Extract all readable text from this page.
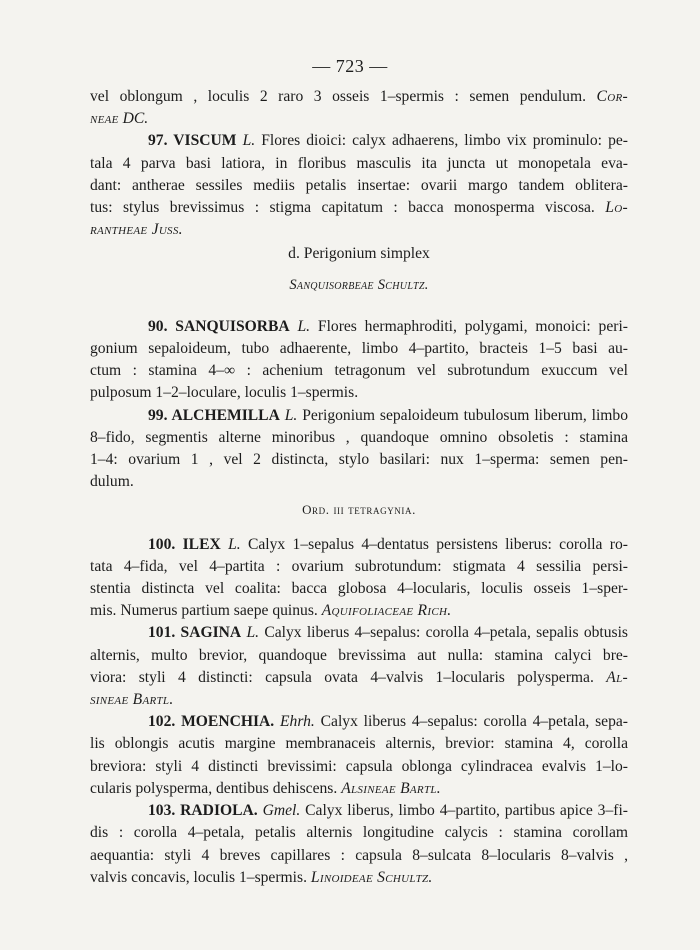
— 723 —
vel oblongum , loculis 2 raro 3 osseis 1–spermis : semen pendulum. Cor-
neae DC.
97. VISCUM L. Flores dioici: calyx adhaerens, limbo vix prominulo: pe-
tala 4 parva basi latiora, in floribus masculis ita juncta ut monopetala eva-
dant: antherae sessiles mediis petalis insertae: ovarii margo tandem oblitera-
tus: stylus brevissimus : stigma capitatum : bacca monosperma viscosa. Lo-
rantheae Juss.
d. Perigonium simplex
Sanquisorbeae Schultz.
90. SANQUISORBA L. Flores hermaphroditi, polygami, monoici: peri-
gonium sepaloideum, tubo adhaerente, limbo 4–partito, bracteis 1–5 basi au-
ctum : stamina 4–∞ : achenium tetragonum vel subrotundum exuccum vel
pulposum 1–2–loculare, loculis 1–spermis.
99. ALCHEMILLA L. Perigonium sepaloideum tubulosum liberum, limbo
8–fido, segmentis alterne minoribus , quandoque omnino obsoletis : stamina
1–4: ovarium 1 , vel 2 distincta, stylo basilari: nux 1–sperma: semen pen-
dulum.
Ord. iii tetragynia.
100. ILEX L. Calyx 1–sepalus 4–dentatus persistens liberus: corolla ro-
tata 4–fida, vel 4–partita : ovarium subrotundum: stigmata 4 sessilia persi-
stentia distincta vel coalita: bacca globosa 4–locularis, loculis osseis 1–sper-
mis. Numerus partium saepe quinus. Aquifoliaceae Rich.
101. SAGINA L. Calyx liberus 4–sepalus: corolla 4–petala, sepalis obtusis
alternis, multo brevior, quandoque brevissima aut nulla: stamina calyci bre-
viora: styli 4 distincti: capsula ovata 4–valvis 1–locularis polysperma. Al-
sineae Bartl.
102. MOENCHIA. Ehrh. Calyx liberus 4–sepalus: corolla 4–petala, sepa-
lis oblongis acutis margine membranaceis alternis, brevior: stamina 4, corolla
breviora: styli 4 distincti brevissimi: capsula oblonga cylindracea evalvis 1–lo-
cularis polysperma, dentibus dehiscens. Alsineae Bartl.
103. RADIOLA. Gmel. Calyx liberus, limbo 4–partito, partibus apice 3–fi-
dis : corolla 4–petala, petalis alternis longitudine calycis : stamina corollam
aequantia: styli 4 breves capillares : capsula 8–sulcata 8–locularis 8–valvis ,
valvis concavis, loculis 1–spermis. Linoideae Schultz.
